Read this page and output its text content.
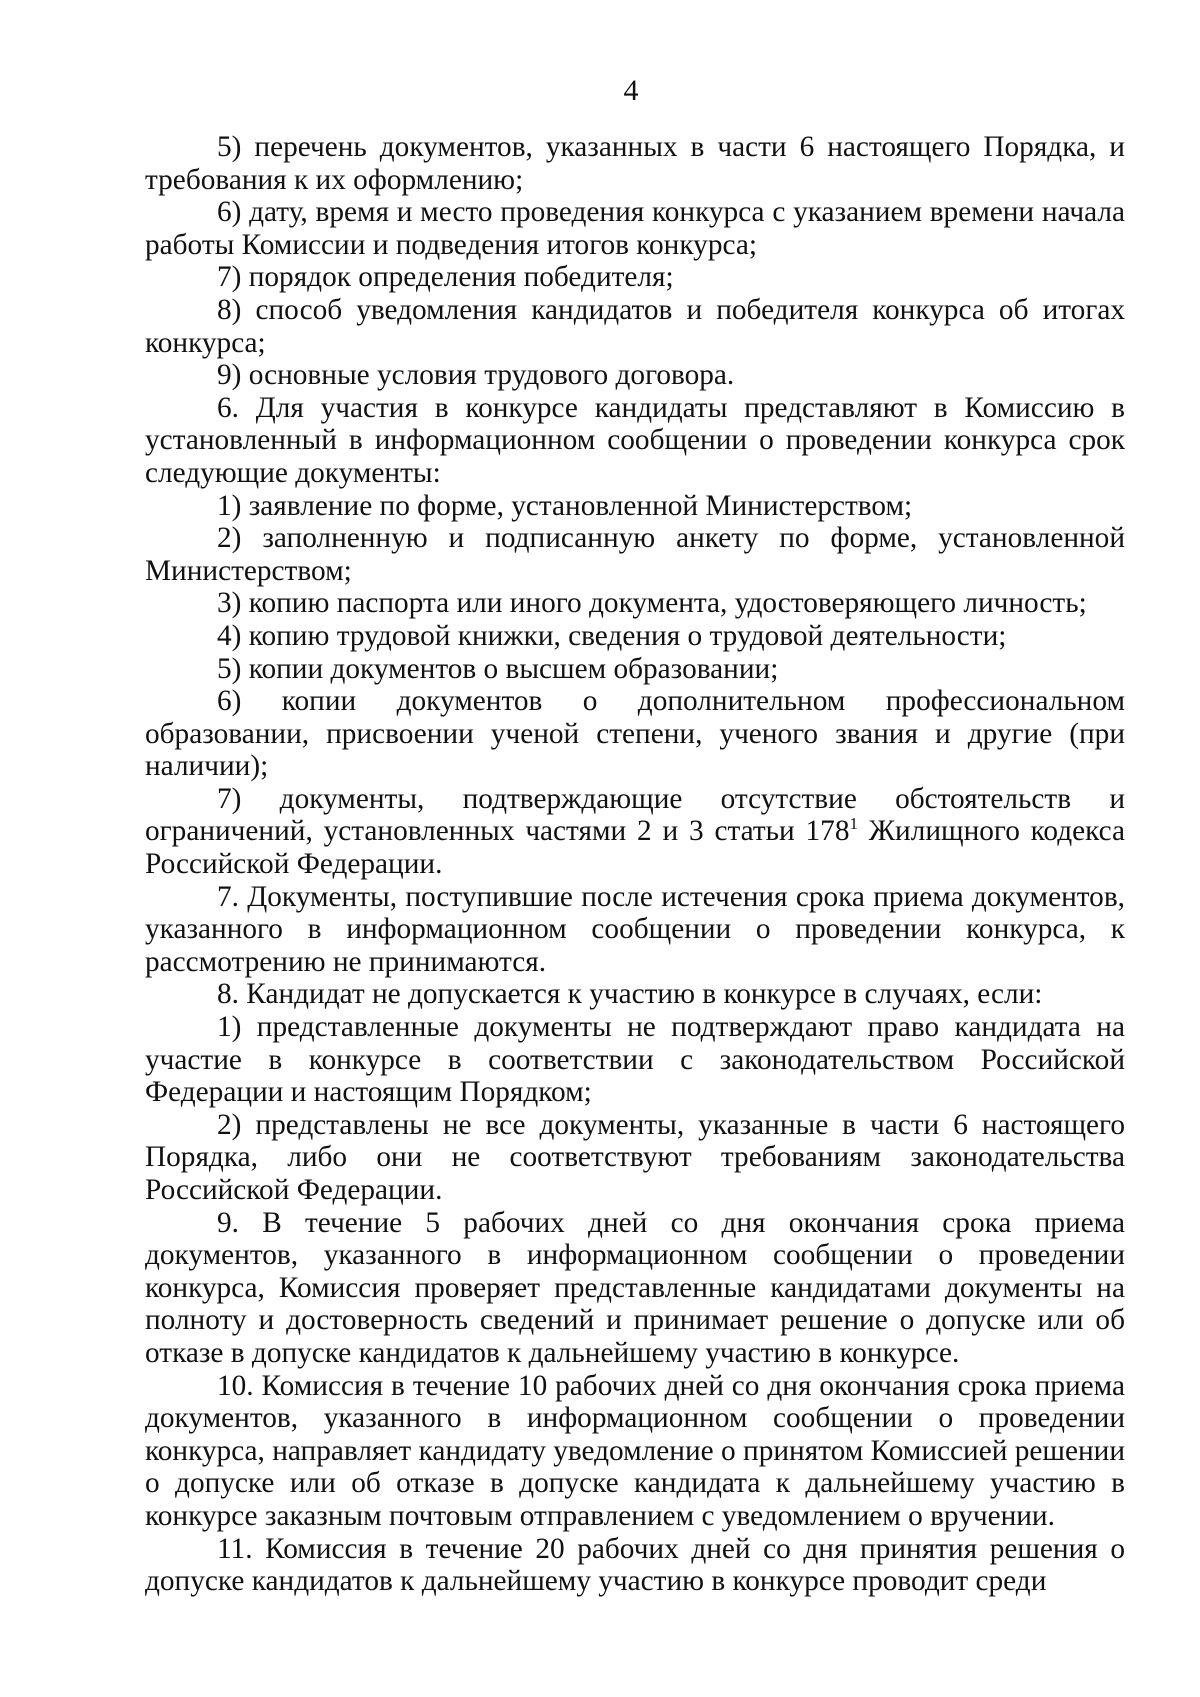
4

5) перечень документов, указанных в части 6 настоящего Порядка, и требования к их оформлению;

6) дату, время и место проведения конкурса с указанием времени начала работы Комиссии и подведения итогов конкурса;

7) порядок определения победителя;

8) способ уведомления кандидатов и победителя конкурса об итогах конкурса;

9) основные условия трудового договора.

6. Для участия в конкурсе кандидаты представляют в Комиссию в установленный в информационном сообщении о проведении конкурса срок следующие документы:

1) заявление по форме, установленной Министерством;

2) заполненную и подписанную анкету по форме, установленной Министерством;

3) копию паспорта или иного документа, удостоверяющего личность;

4) копию трудовой книжки, сведения о трудовой деятельности;

5) копии документов о высшем образовании;

6) копии документов о дополнительном профессиональном образовании, присвоении ученой степени, ученого звания и другие (при наличии);

7) документы, подтверждающие отсутствие обстоятельств и ограничений, установленных частями 2 и 3 статьи $178^1$ Жилищного кодекса Российской Федерации.

7. Документы, поступившие после истечения срока приема документов, указанного в информационном сообщении о проведении конкурса, к рассмотрению не принимаются.

8. Кандидат не допускается к участию в конкурсе в случаях, если:

1) представленные документы не подтверждают право кандидата на участие в конкурсе в соответствии с законодательством Российской Федерации и настоящим Порядком;

2) представлены не все документы, указанные в части 6 настоящего Порядка, либо они не соответствуют требованиям законодательства Российской Федерации.

9. В течение 5 рабочих дней со дня окончания срока приема документов, указанного в информационном сообщении о проведении конкурса, Комиссия проверяет представленные кандидатами документы на полноту и достоверность сведений и принимает решение о допуске или об отказе в допуске кандидатов к дальнейшему участию в конкурсе.

10. Комиссия в течение 10 рабочих дней со дня окончания срока приема документов, указанного в информационном сообщении о проведении конкурса, направляет кандидату уведомление о принятом Комиссией решении о допуске или об отказе в допуске кандидата к дальнейшему участию в конкурсе заказным почтовым отправлением с уведомлением о вручении.

11. Комиссия в течение 20 рабочих дней со дня принятия решения о допуске кандидатов к дальнейшему участию в конкурсе проводит среди
